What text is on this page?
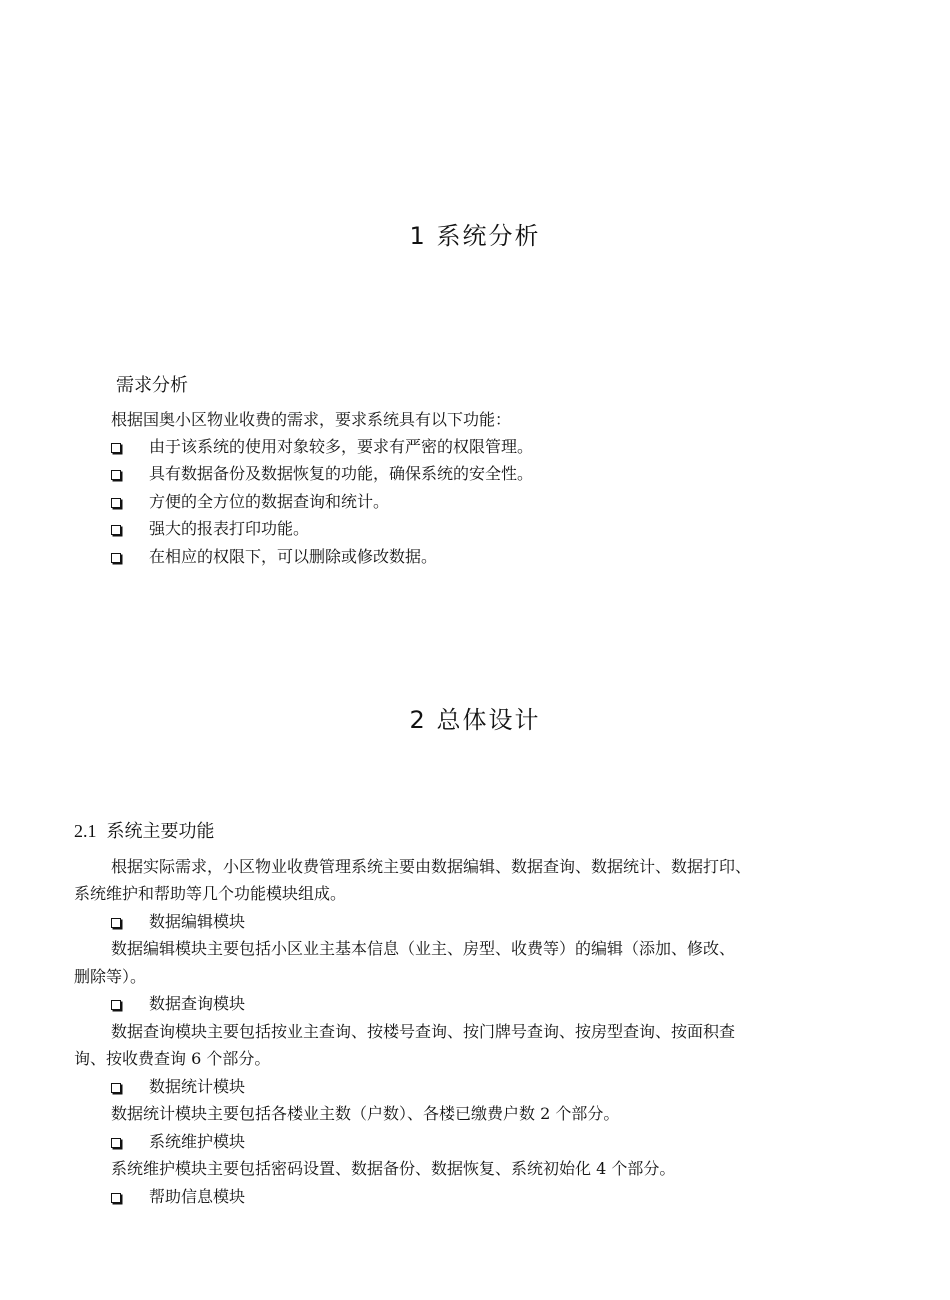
1 系统分析
需求分析
根据国奥小区物业收费的需求，要求系统具有以下功能：
由于该系统的使用对象较多，要求有严密的权限管理。
具有数据备份及数据恢复的功能，确保系统的安全性。
方便的全方位的数据查询和统计。
强大的报表打印功能。
在相应的权限下，可以删除或修改数据。
2 总体设计
2.1 系统主要功能
根据实际需求，小区物业收费管理系统主要由数据编辑、数据查询、数据统计、数据打印、
系统维护和帮助等几个功能模块组成。
数据编辑模块
数据编辑模块主要包括小区业主基本信息（业主、房型、收费等）的编辑（添加、修改、
删除等）。
数据查询模块
数据查询模块主要包括按业主查询、按楼号查询、按门牌号查询、按房型查询、按面积查
询、按收费查询 6 个部分。
数据统计模块
数据统计模块主要包括各楼业主数（户数）、各楼已缴费户数 2 个部分。
系统维护模块
系统维护模块主要包括密码设置、数据备份、数据恢复、系统初始化 4 个部分。
帮助信息模块
